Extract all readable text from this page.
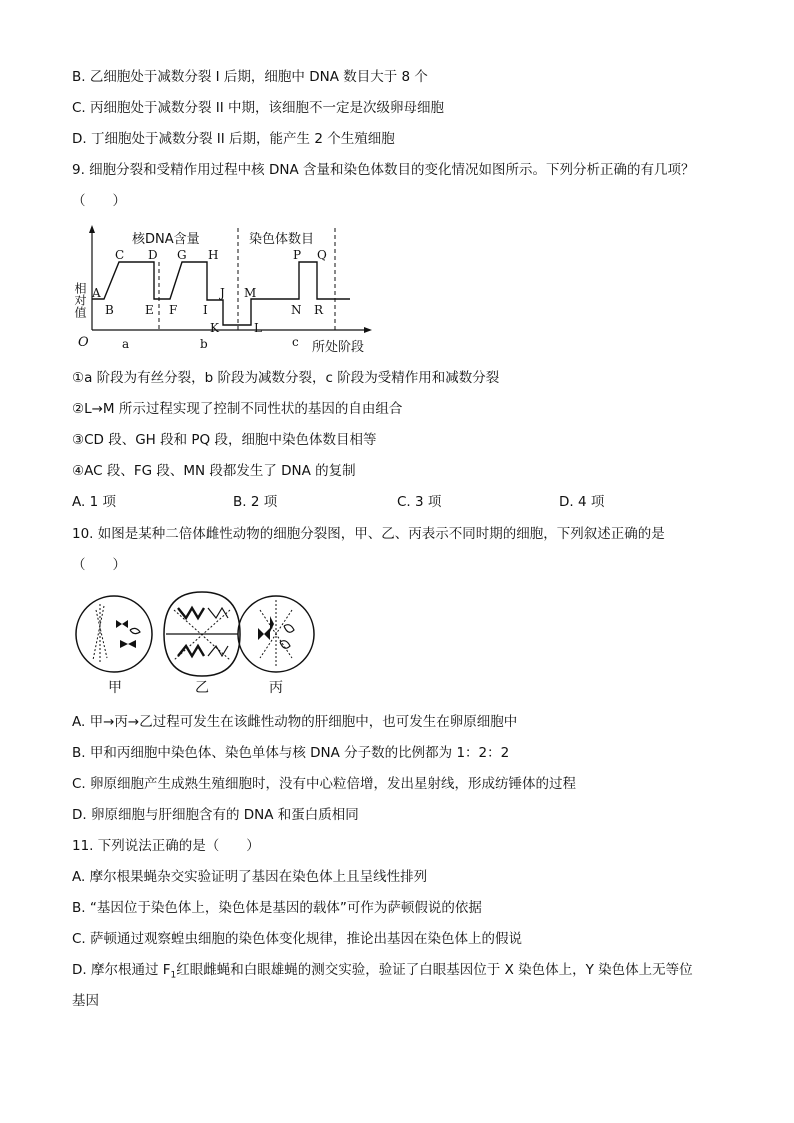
B. 乙细胞处于减数分裂 I 后期，细胞中 DNA 数目大于 8 个
C. 丙细胞处于减数分裂 II 中期，该细胞不一定是次级卵母细胞
D. 丁细胞处于减数分裂 II 后期，能产生 2 个生殖细胞
9. 细胞分裂和受精作用过程中核 DNA 含量和染色体数目的变化情况如图所示。下列分析正确的有几项？
（　　）
相对值
核DNA含量	染色体数目
所处阶段
O
A
B
C D
E F
G H
I
J
K	L
M
N
P Q
R
a	b	c
①a 阶段为有丝分裂，b 阶段为减数分裂，c 阶段为受精作用和减数分裂
②L→M 所示过程实现了控制不同性状的基因的自由组合
③CD 段、GH 段和 PQ 段，细胞中染色体数目相等
④AC 段、FG 段、MN 段都发生了 DNA 的复制
A. 1 项	B. 2 项	C. 3 项	D. 4 项
10. 如图是某种二倍体雌性动物的细胞分裂图，甲、乙、丙表示不同时期的细胞，下列叙述正确的是
（　　）
甲	乙	丙
A. 甲→丙→乙过程可发生在该雌性动物的肝细胞中，也可发生在卵原细胞中
B. 甲和丙细胞中染色体、染色单体与核 DNA 分子数的比例都为 1：2：2
C. 卵原细胞产生成熟生殖细胞时，没有中心粒倍增，发出星射线，形成纺锤体的过程
D. 卵原细胞与肝细胞含有的 DNA 和蛋白质相同
11. 下列说法正确的是（　　）
A. 摩尔根果蝇杂交实验证明了基因在染色体上且呈线性排列
B. “基因位于染色体上，染色体是基因的载体”可作为萨顿假说的依据
C. 萨顿通过观察蝗虫细胞的染色体变化规律，推论出基因在染色体上的假说
D. 摩尔根通过 $F_1$红眼雌蝇和白眼雄蝇的测交实验，验证了白眼基因位于 X 染色体上，Y 染色体上无等位
基因
